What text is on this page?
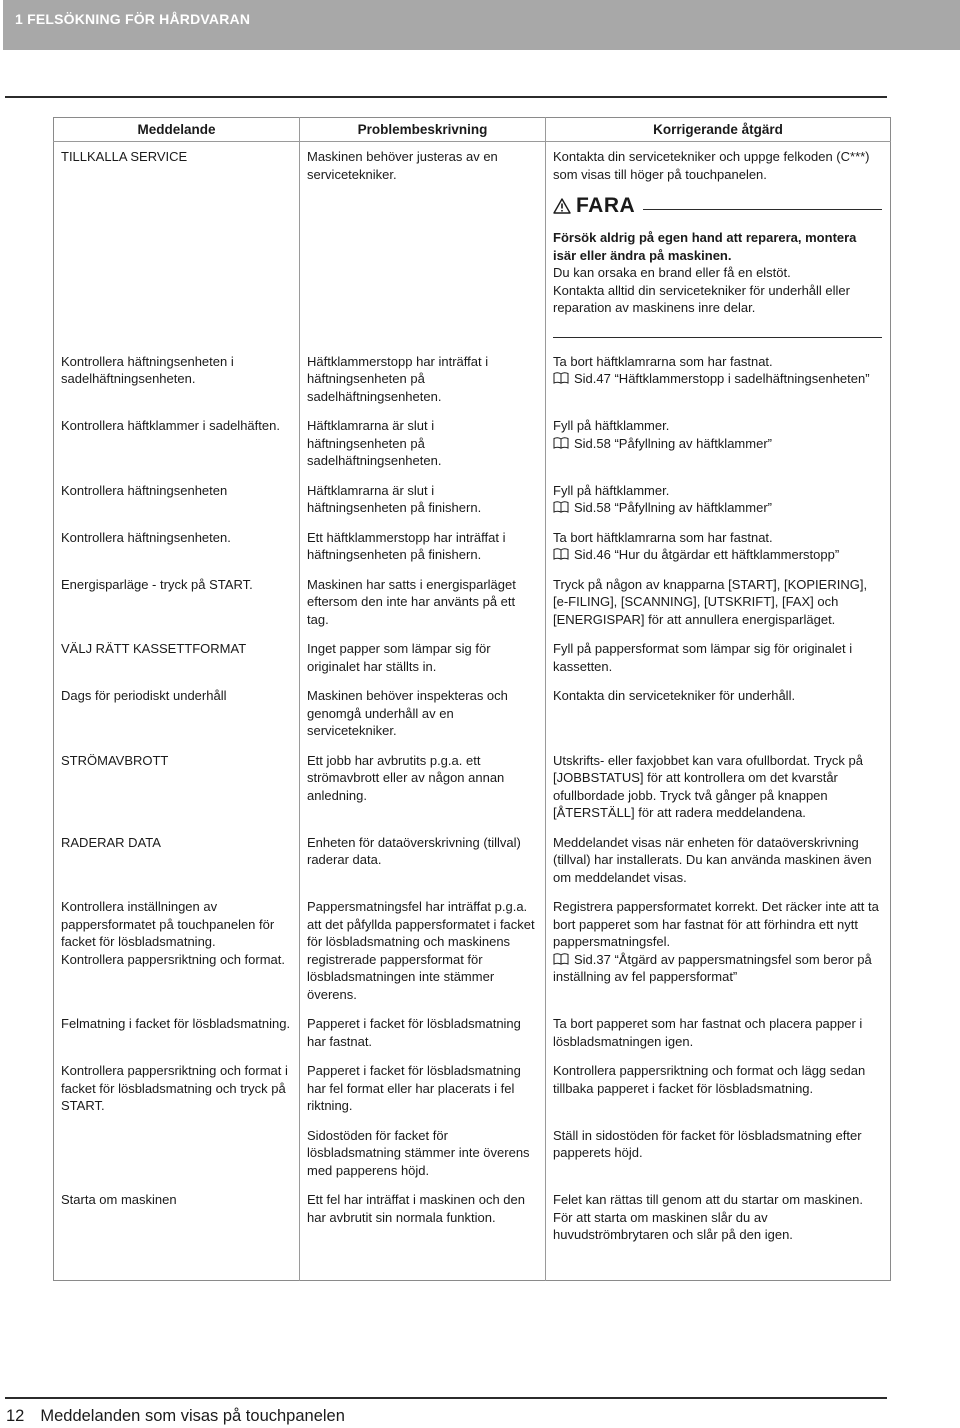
1 FELSÖKNING FÖR HÅRDVARAN
Meddelande	Problembeskrivning	Korrigerande åtgärd

TILLKALLA SERVICE	Maskinen behöver justeras av en servicetekniker.	Kontakta din servicetekniker och uppge felkoden (C***) som visas till höger på touchpanelen.
FARA
Försök aldrig på egen hand att reparera, montera isär eller ändra på maskinen.
Du kan orsaka en brand eller få en elstöt.
Kontakta alltid din servicetekniker för underhåll eller reparation av maskinens inre delar.

Kontrollera häftningsenheten i sadelhäftningsenheten.	Häftklammerstopp har inträffat i häftningsenheten på sadelhäftningsenheten.	Ta bort häftklamrarna som har fastnat.
Sid.47 “Häftklammerstopp i sadelhäftningsenheten”

Kontrollera häftklammer i sadelhäften.	Häftklamrarna är slut i häftningsenheten på sadelhäftningsenheten.	Fyll på häftklammer.
Sid.58 “Påfyllning av häftklammer”

Kontrollera häftningsenheten	Häftklamrarna är slut i häftningsenheten på finishern.	Fyll på häftklammer.
Sid.58 “Påfyllning av häftklammer”

Kontrollera häftningsenheten.	Ett häftklammerstopp har inträffat i häftningsenheten på finishern.	Ta bort häftklamrarna som har fastnat.
Sid.46 “Hur du åtgärdar ett häftklammerstopp”

Energisparläge - tryck på START.	Maskinen har satts i energisparläget eftersom den inte har använts på ett tag.	Tryck på någon av knapparna [START], [KOPIERING], [e-FILING], [SCANNING], [UTSKRIFT], [FAX] och [ENERGISPAR] för att annullera energisparläget.

VÄLJ RÄTT KASSETTFORMAT	Inget papper som lämpar sig för originalet har ställts in.	Fyll på pappersformat som lämpar sig för originalet i kassetten.

Dags för periodiskt underhåll	Maskinen behöver inspekteras och genomgå underhåll av en servicetekniker.	Kontakta din servicetekniker för underhåll.

STRÖMAVBROTT	Ett jobb har avbrutits p.g.a. ett strömavbrott eller av någon annan anledning.	Utskrifts- eller faxjobbet kan vara ofullbordat. Tryck på [JOBBSTATUS] för att kontrollera om det kvarstår ofullbordade jobb. Tryck två gånger på knappen [ÅTERSTÄLL] för att radera meddelandena.

RADERAR DATA	Enheten för dataöverskrivning (tillval) raderar data.	Meddelandet visas när enheten för dataöverskrivning (tillval) har installerats. Du kan använda maskinen även om meddelandet visas.

Kontrollera inställningen av pappersformatet på touchpanelen för facket för lösbladsmatning.
Kontrollera pappersriktning och format.	Pappersmatningsfel har inträffat p.g.a. att det påfyllda pappersformatet i facket för lösbladsmatning och maskinens registrerade pappersformat för lösbladsmatningen inte stämmer överens.	Registrera pappersformatet korrekt. Det räcker inte att ta bort papperet som har fastnat för att förhindra ett nytt pappersmatningsfel.
Sid.37 “Åtgärd av pappersmatningsfel som beror på inställning av fel pappersformat”

Felmatning i facket för lösbladsmatning.	Papperet i facket för lösbladsmatning har fastnat.	Ta bort papperet som har fastnat och placera papper i lösbladsmatningen igen.

Kontrollera pappersriktning och format i facket för lösbladsmatning och tryck på START.	Papperet i facket för lösbladsmatning har fel format eller har placerats i fel riktning.	Kontrollera pappersriktning och format och lägg sedan tillbaka papperet i facket för lösbladsmatning.

	Sidostöden för facket för lösbladsmatning stämmer inte överens med papperens höjd.	Ställ in sidostöden för facket för lösbladsmatning efter papperets höjd.

Starta om maskinen	Ett fel har inträffat i maskinen och den har avbrutit sin normala funktion.	Felet kan rättas till genom att du startar om maskinen. För att starta om maskinen slår du av huvudströmbrytaren och slår på den igen.
12 Meddelanden som visas på touchpanelen
